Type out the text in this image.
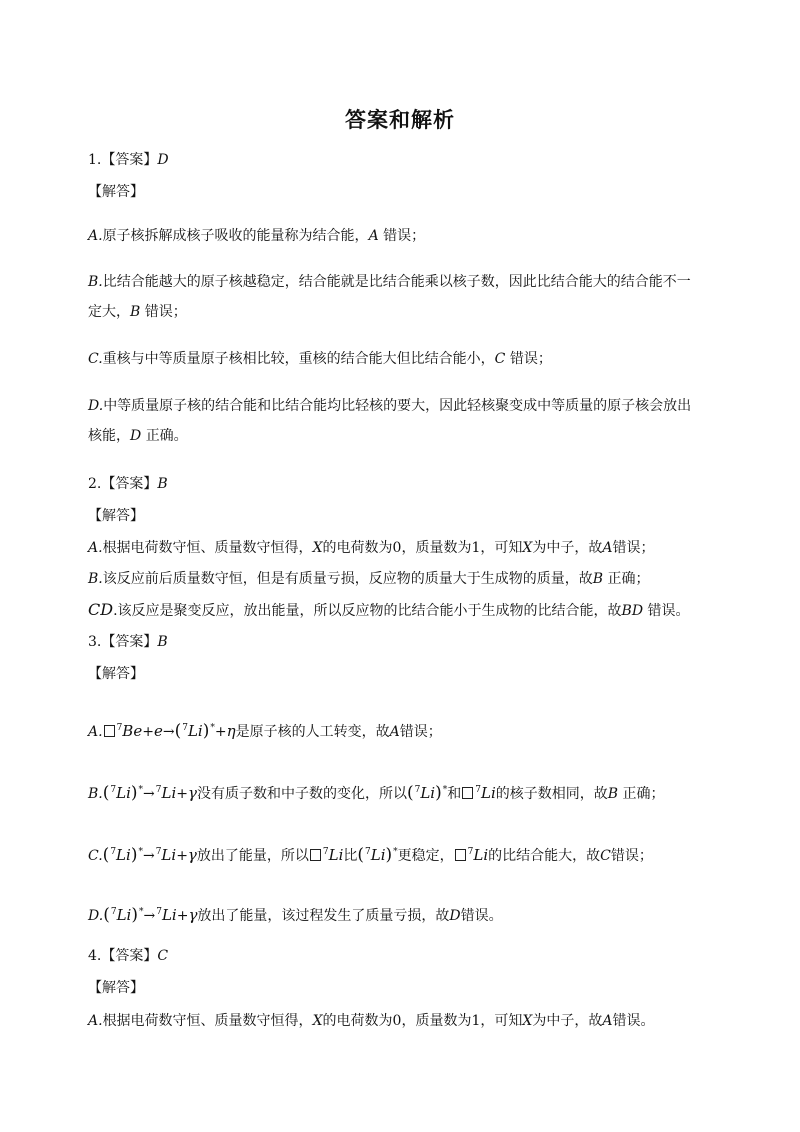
答案和解析
1.【答案】D
【解答】
A.原子核拆解成核子吸收的能量称为结合能，A 错误；
B.比结合能越大的原子核越稳定，结合能就是比结合能乘以核子数，因此比结合能大的结合能不一
定大，B 错误；
C.重核与中等质量原子核相比较，重核的结合能大但比结合能小，C 错误；
D.中等质量原子核的结合能和比结合能均比轻核的要大，因此轻核聚变成中等质量的原子核会放出
核能，D 正确。
2.【答案】B
【解答】
A.根据电荷数守恒、质量数守恒得，X的电荷数为0，质量数为1，可知X为中子，故A错误；
B.该反应前后质量数守恒，但是有质量亏损，反应物的质量大于生成物的质量，故B 正确；
CD.该反应是聚变反应，放出能量，所以反应物的比结合能小于生成物的比结合能，故BD 错误。
3.【答案】B
【解答】
A. $^7$Be+e→($^7$Li)*+η是原子核的人工转变，故A错误；
B.($^7$Li)*→$^7$Li+γ没有质子数和中子数的变化，所以($^7$Li)*和 $^7$Li的核子数相同，故B 正确；
C.($^7$Li)*→$^7$Li+γ放出了能量，所以 $^7$Li比($^7$Li)*更稳定， $^7$Li的比结合能大，故C错误；
D.($^7$Li)*→$^7$Li+γ放出了能量，该过程发生了质量亏损，故D错误。
4.【答案】C
【解答】
A.根据电荷数守恒、质量数守恒得，X的电荷数为0，质量数为1，可知X为中子，故A错误。
